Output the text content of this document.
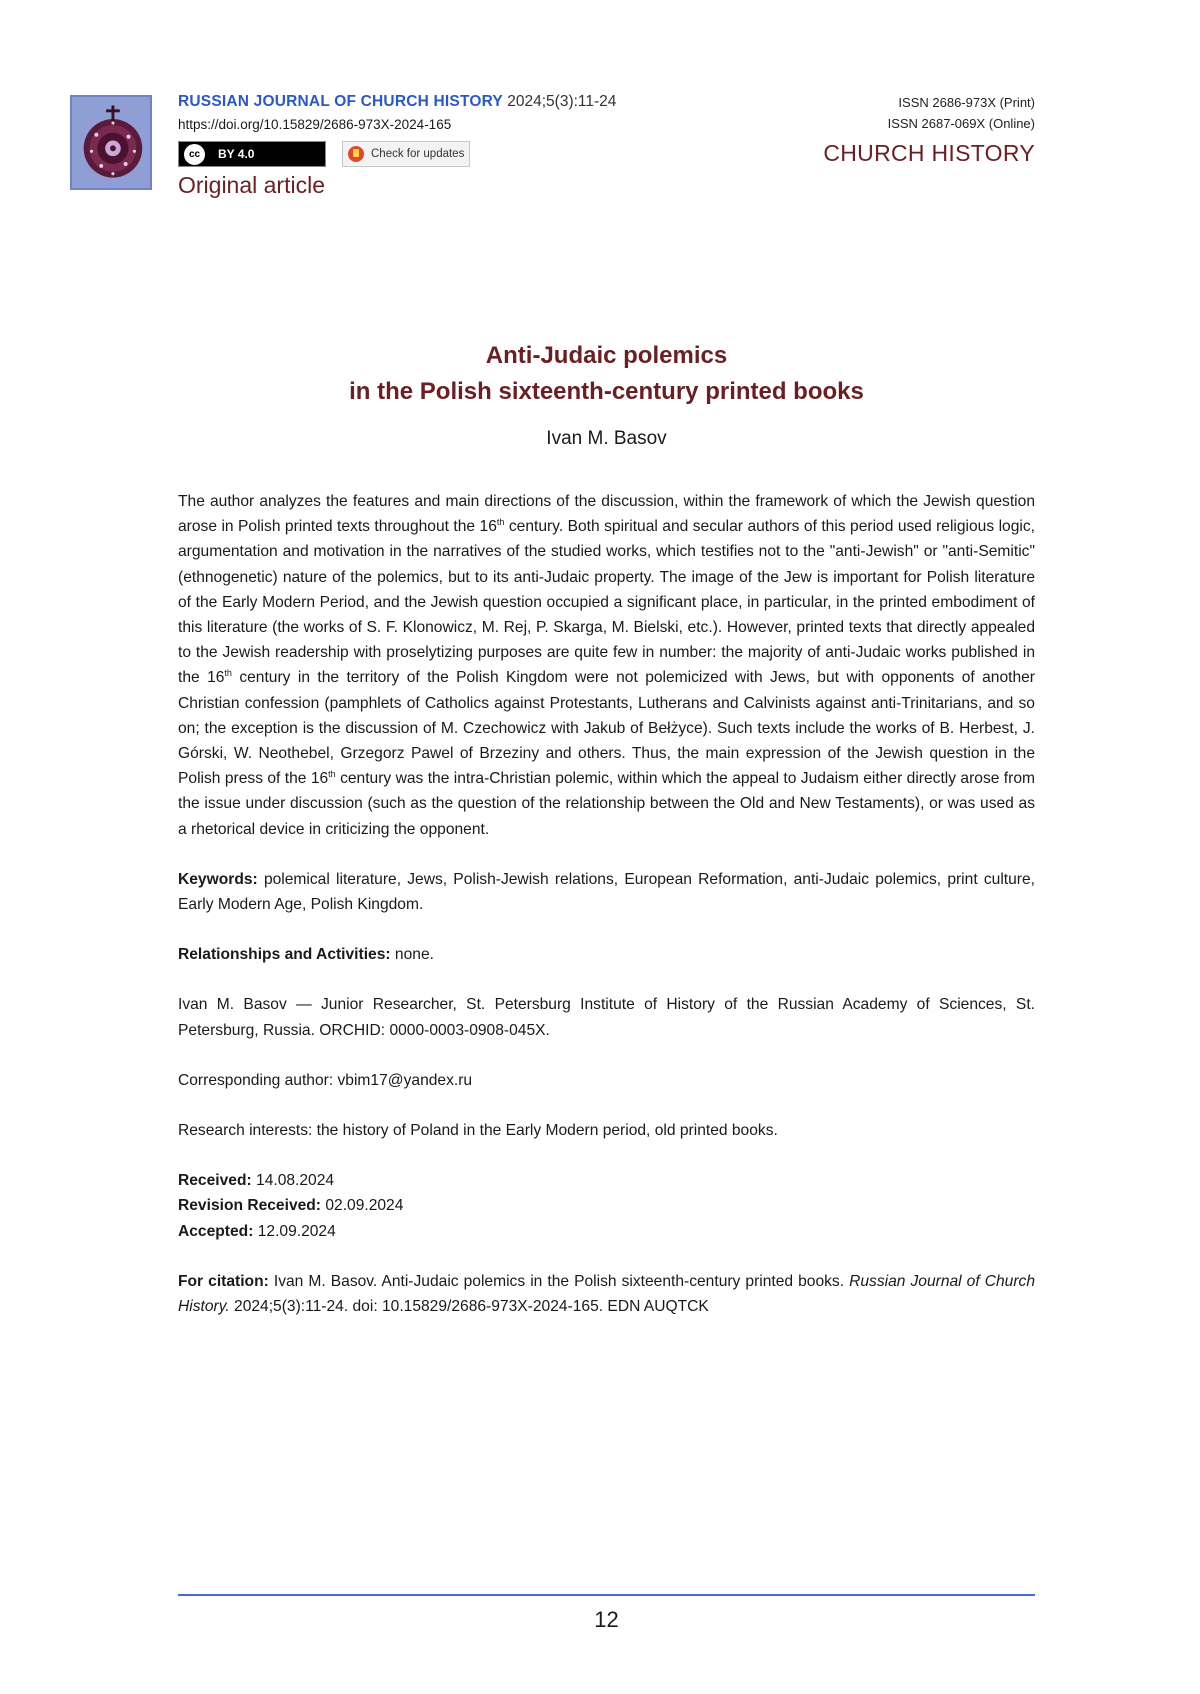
RUSSIAN JOURNAL OF CHURCH HISTORY 2024;5(3):11-24
https://doi.org/10.15829/2686-973X-2024-165
cc	BY 4.0	Check for updates
Original article
ISSN 2686-973X (Print)
ISSN 2687-069X (Online)
CHURCH HISTORY
Anti-Judaic polemics
in the Polish sixteenth-century printed books
Ivan M. Basov

The author analyzes the features and main directions of the discussion, within the framework of which the Jewish question arose in Polish printed texts throughout the 16th century. Both spiritual and secular authors of this period used religious logic, argumentation and motivation in the narratives of the studied works, which testifies not to the "anti-Jewish" or "anti-Semitic" (ethnogenetic) nature of the polemics, but to its anti-Judaic property. The image of the Jew is important for Polish literature of the Early Modern Period, and the Jewish question occupied a significant place, in particular, in the printed embodiment of this literature (the works of S. F. Klonowicz, M. Rej, P. Skarga, M. Bielski, etc.). However, printed texts that directly appealed to the Jewish readership with proselytizing purposes are quite few in number: the majority of anti-Judaic works published in the 16th century in the territory of the Polish Kingdom were not polemicized with Jews, but with opponents of another Christian confession (pamphlets of Catholics against Protestants, Lutherans and Calvinists against anti-Trinitarians, and so on; the exception is the discussion of M. Czechowicz with Jakub of Bełżyce). Such texts include the works of B. Herbest, J. Górski, W. Neothebel, Grzegorz Pawel of Brzeziny and others. Thus, the main expression of the Jewish question in the Polish press of the 16th century was the intra-Christian polemic, within which the appeal to Judaism either directly arose from the issue under discussion (such as the question of the relationship between the Old and New Testaments), or was used as a rhetorical device in criticizing the opponent.

Keywords: polemical literature, Jews, Polish-Jewish relations, European Reformation, anti-Judaic polemics, print culture, Early Modern Age, Polish Kingdom.

Relationships and Activities: none.

Ivan M. Basov — Junior Researcher, St. Petersburg Institute of History of the Russian Academy of Sciences, St. Petersburg, Russia. ORCHID: 0000-0003-0908-045X.

Corresponding author: vbim17@yandex.ru

Research interests: the history of Poland in the Early Modern period, old printed books.

Received: 14.08.2024

Revision Received: 02.09.2024

Accepted: 12.09.2024

For citation: Ivan M. Basov. Anti-Judaic polemics in the Polish sixteenth-century printed books. Russian Journal of Church History. 2024;5(3):11-24. doi: 10.15829/2686-973X-2024-165. EDN AUQTCK

12
